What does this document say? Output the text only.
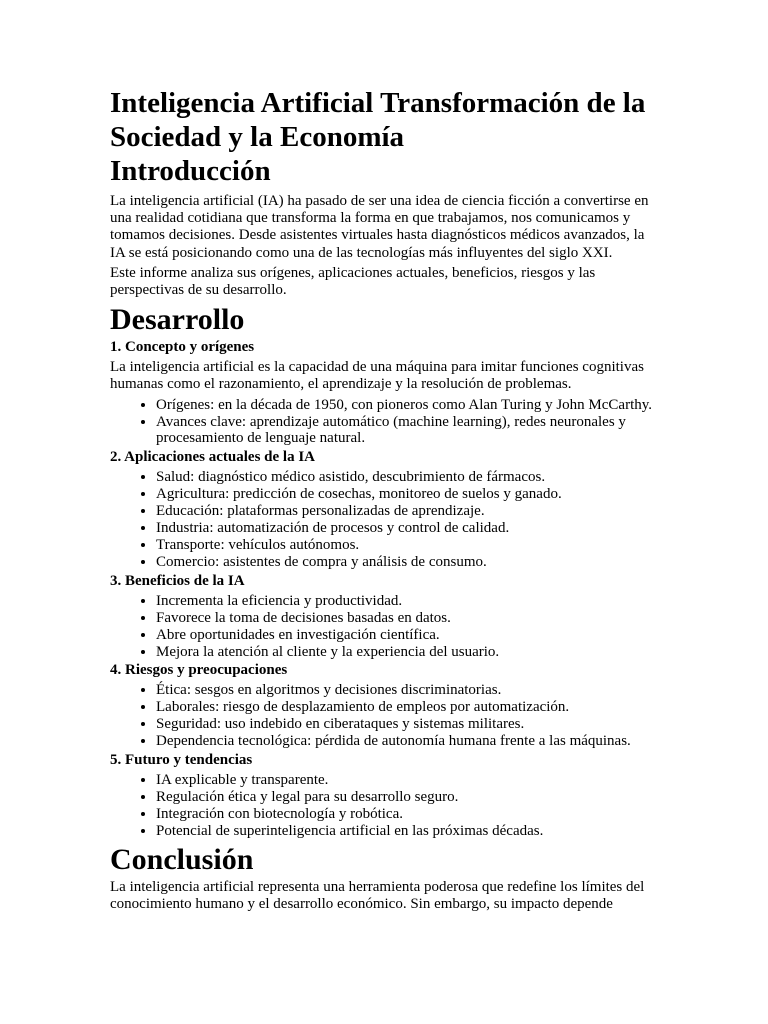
Inteligencia Artificial Transformación de la Sociedad y la Economía
Introducción

La inteligencia artificial (IA) ha pasado de ser una idea de ciencia ficción a convertirse en una realidad cotidiana que transforma la forma en que trabajamos, nos comunicamos y tomamos decisiones. Desde asistentes virtuales hasta diagnósticos médicos avanzados, la IA se está posicionando como una de las tecnologías más influyentes del siglo XXI.

Este informe analiza sus orígenes, aplicaciones actuales, beneficios, riesgos y las perspectivas de su desarrollo.

Desarrollo
1. Concepto y orígenes

La inteligencia artificial es la capacidad de una máquina para imitar funciones cognitivas humanas como el razonamiento, el aprendizaje y la resolución de problemas.

• Orígenes: en la década de 1950, con pioneros como Alan Turing y John McCarthy.
• Avances clave: aprendizaje automático (machine learning), redes neuronales y procesamiento de lenguaje natural.
2. Aplicaciones actuales de la IA
• Salud: diagnóstico médico asistido, descubrimiento de fármacos.
• Agricultura: predicción de cosechas, monitoreo de suelos y ganado.
• Educación: plataformas personalizadas de aprendizaje.
• Industria: automatización de procesos y control de calidad.
• Transporte: vehículos autónomos.
• Comercio: asistentes de compra y análisis de consumo.
3. Beneficios de la IA
• Incrementa la eficiencia y productividad.
• Favorece la toma de decisiones basadas en datos.
• Abre oportunidades en investigación científica.
• Mejora la atención al cliente y la experiencia del usuario.
4. Riesgos y preocupaciones
• Ética: sesgos en algoritmos y decisiones discriminatorias.
• Laborales: riesgo de desplazamiento de empleos por automatización.
• Seguridad: uso indebido en ciberataques y sistemas militares.
• Dependencia tecnológica: pérdida de autonomía humana frente a las máquinas.
5. Futuro y tendencias
• IA explicable y transparente.
• Regulación ética y legal para su desarrollo seguro.
• Integración con biotecnología y robótica.
• Potencial de superinteligencia artificial en las próximas décadas.
Conclusión

La inteligencia artificial representa una herramienta poderosa que redefine los límites del conocimiento humano y el desarrollo económico. Sin embargo, su impacto depende
